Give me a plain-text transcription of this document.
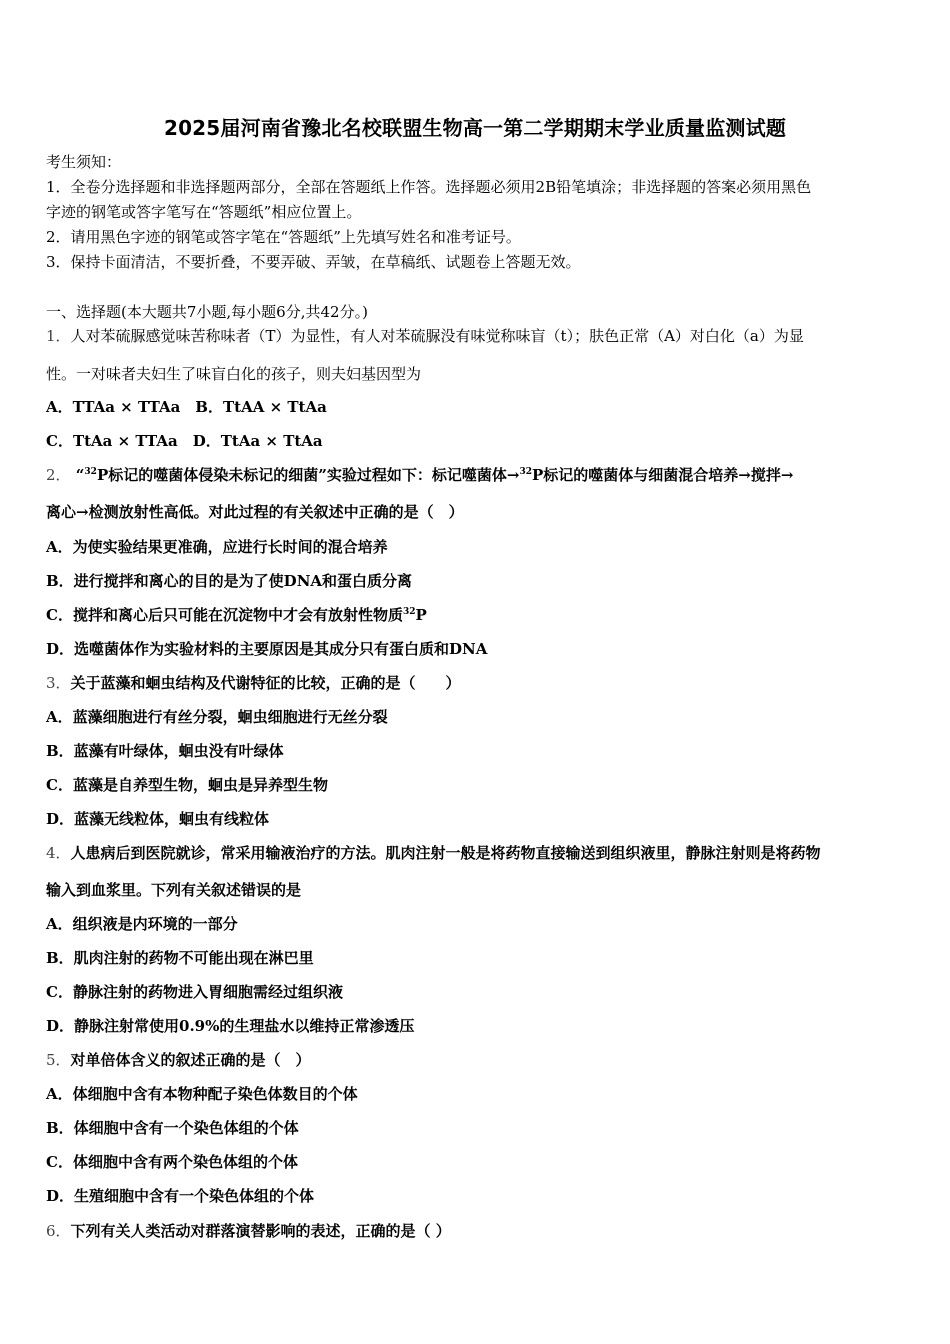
2025届河南省豫北名校联盟生物高一第二学期期末学业质量监测试题
考生须知：
1．全卷分选择题和非选择题两部分，全部在答题纸上作答。选择题必须用2B铅笔填涂；非选择题的答案必须用黑色
字迹的钢笔或答字笔写在“答题纸”相应位置上。
2．请用黑色字迹的钢笔或答字笔在“答题纸”上先填写姓名和准考证号。
3．保持卡面清洁，不要折叠，不要弄破、弄皱，在草稿纸、试题卷上答题无效。
一、选择题(本大题共7小题,每小题6分,共42分。)
1．人对苯硫脲感觉味苦称味者（T）为显性，有人对苯硫脲没有味觉称味盲（t）；肤色正常（A）对白化（a）为显
性。一对味者夫妇生了味盲白化的孩子，则夫妇基因型为
A．TTAa × TTAa　B．TtAA × TtAa
C．TtAa × TTAa　D．TtAa × TtAa
2． “$^{32}$P标记的噬菌体侵染未标记的细菌”实验过程如下：标记噬菌体→$^{32}$P标记的噬菌体与细菌混合培养→搅拌→
离心→检测放射性高低。对此过程的有关叙述中正确的是（　）
A．为使实验结果更准确，应进行长时间的混合培养
B．进行搅拌和离心的目的是为了使DNA和蛋白质分离
C．搅拌和离心后只可能在沉淀物中才会有放射性物质$^{32}$P
D．选噬菌体作为实验材料的主要原因是其成分只有蛋白质和DNA
3．关于蓝藻和蛔虫结构及代谢特征的比较，正确的是（　　）
A．蓝藻细胞进行有丝分裂，蛔虫细胞进行无丝分裂
B．蓝藻有叶绿体，蛔虫没有叶绿体
C．蓝藻是自养型生物，蛔虫是异养型生物
D．蓝藻无线粒体，蛔虫有线粒体
4．人患病后到医院就诊，常采用输液治疗的方法。肌肉注射一般是将药物直接输送到组织液里，静脉注射则是将药物
输入到血浆里。下列有关叙述错误的是
A．组织液是内环境的一部分
B．肌肉注射的药物不可能出现在淋巴里
C．静脉注射的药物进入胃细胞需经过组织液
D．静脉注射常使用0.9%的生理盐水以维持正常渗透压
5．对单倍体含义的叙述正确的是（　）
A．体细胞中含有本物种配子染色体数目的个体
B．体细胞中含有一个染色体组的个体
C．体细胞中含有两个染色体组的个体
D．生殖细胞中含有一个染色体组的个体
6．下列有关人类活动对群落演替影响的表述，正确的是（ ）
